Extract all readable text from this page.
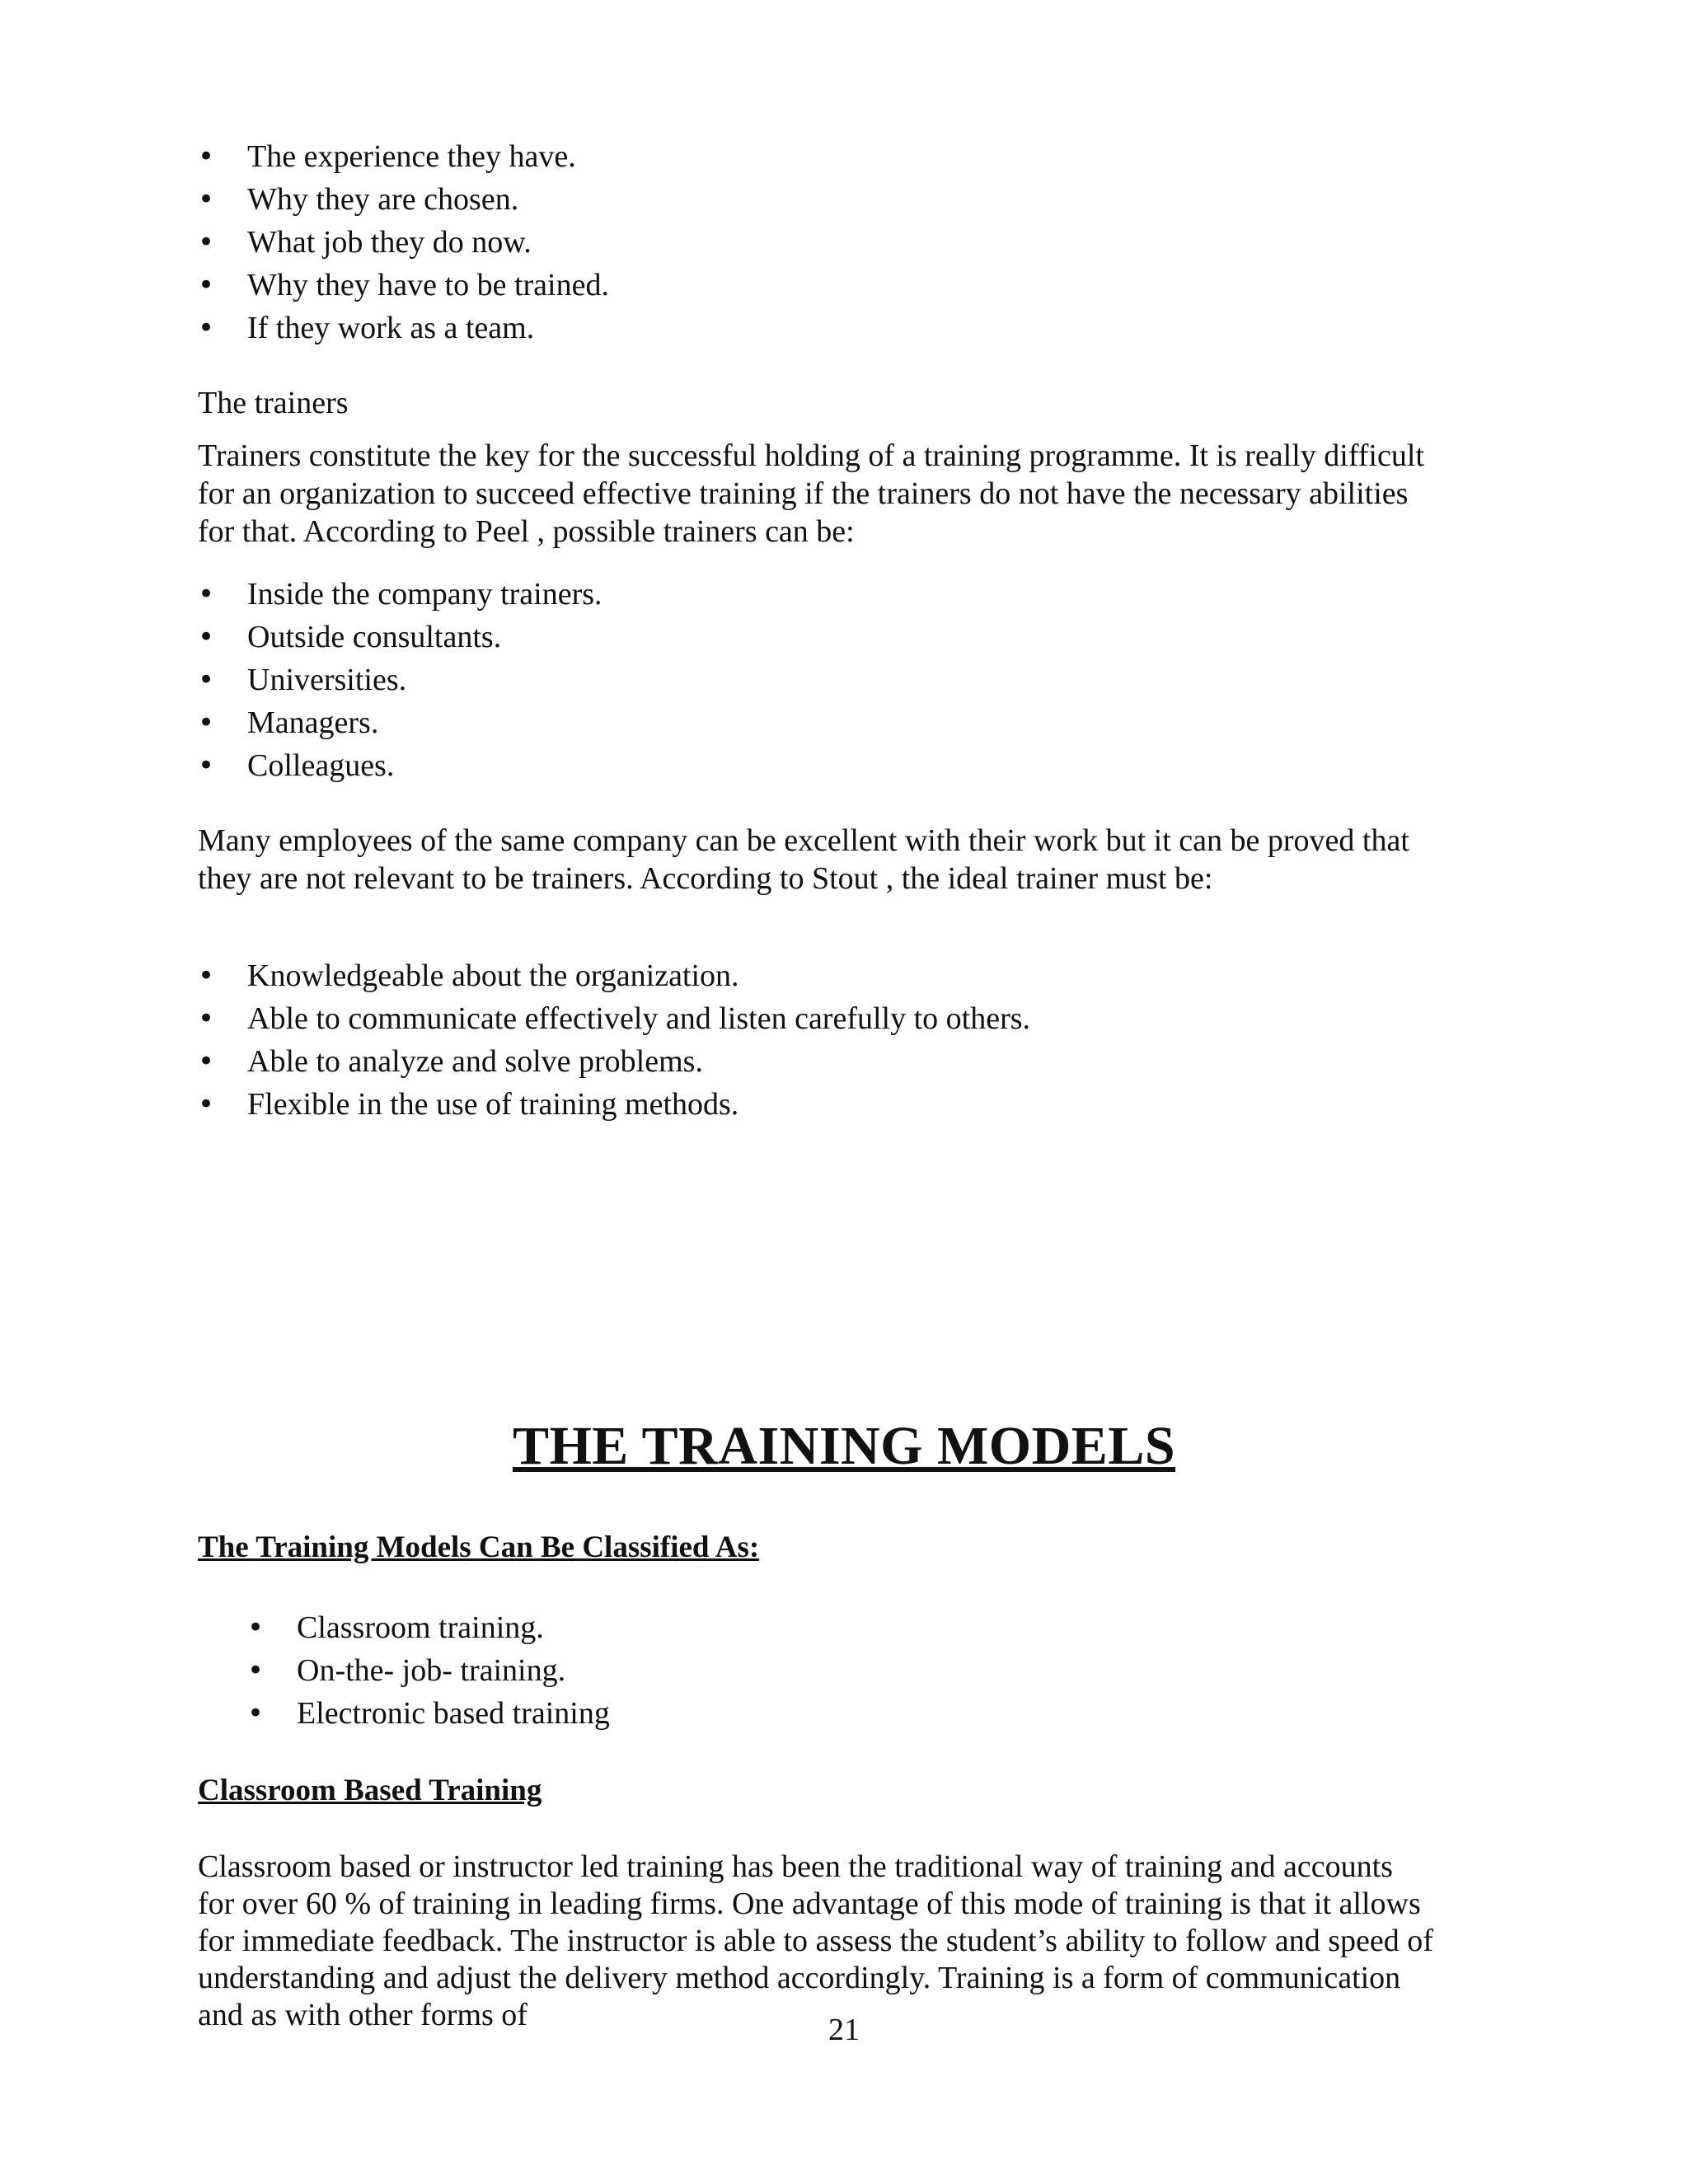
• The experience they have.
• Why they are chosen.
• What job they do now.
• Why they have to be trained.
• If they work as a team.
The trainers

Trainers constitute the key for the successful holding of a training programme. It is really difficult for an organization to succeed effective training if the trainers do not have the necessary abilities for that. According to Peel , possible trainers can be:

• Inside the company trainers.
• Outside consultants.
• Universities.
• Managers.
• Colleagues.

Many employees of the same company can be excellent with their work but it can be proved that they are not relevant to be trainers. According to Stout , the ideal trainer must be:

• Knowledgeable about the organization.
• Able to communicate effectively and listen carefully to others.
• Able to analyze and solve problems.
• Flexible in the use of training methods.
THE TRAINING MODELS
The Training Models Can Be Classified As:
• Classroom training.
• On-the- job- training.
• Electronic based training
Classroom Based Training

Classroom based or instructor led training has been the traditional way of training and accounts for over 60 % of training in leading firms. One advantage of this mode of training is that it allows for immediate feedback. The instructor is able to assess the student’s ability to follow and speed of understanding and adjust the delivery method accordingly. Training is a form of communication and as with other forms of	21
